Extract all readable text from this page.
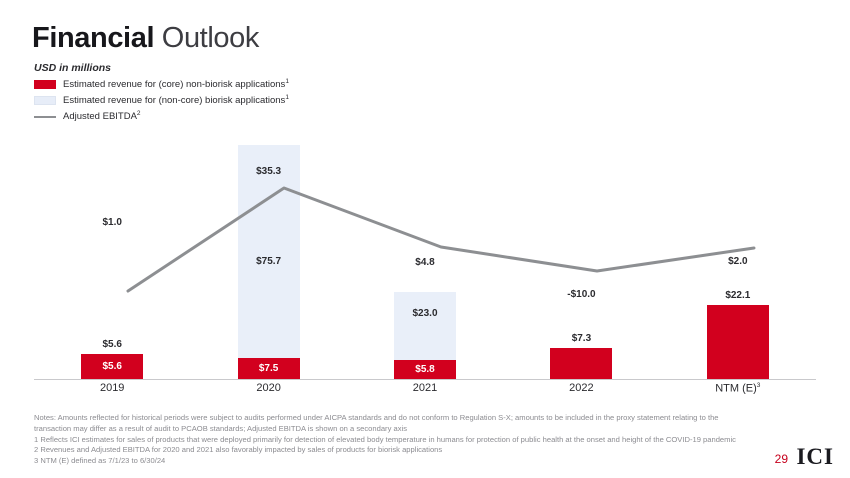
Financial Outlook
USD in millions
Estimated revenue for (core) non-biorisk applications$^1$
Estimated revenue for (non-core) biorisk applications$^1$
Adjusted EBITDA$^2$
$5.6
$5.6
$1.0
$75.7
$7.5
$35.3
$23.0
$5.8
$4.8
$7.3
-$10.0	$22.1
$2.0
2019	2020	2021	2022	NTM $(E)^3$
Notes: Amounts reflected for historical periods were subject to audits performed under AICPA standards and do not conform to Regulation S-X; amounts to be included in the proxy statement relating to the
transaction may differ as a result of audit to PCAOB standards; Adjusted EBITDA is shown on a secondary axis
1 Reflects ICI estimates for sales of products that were deployed primarily for detection of elevated body temperature in humans for protection of public health at the onset and height of the COVID-19 pandemic
2 Revenues and Adjusted EBITDA for 2020 and 2021 also favorably impacted by sales of products for biorisk applications
3 NTM (E) defined as 7/1/23 to 6/30/24	29 ICI
